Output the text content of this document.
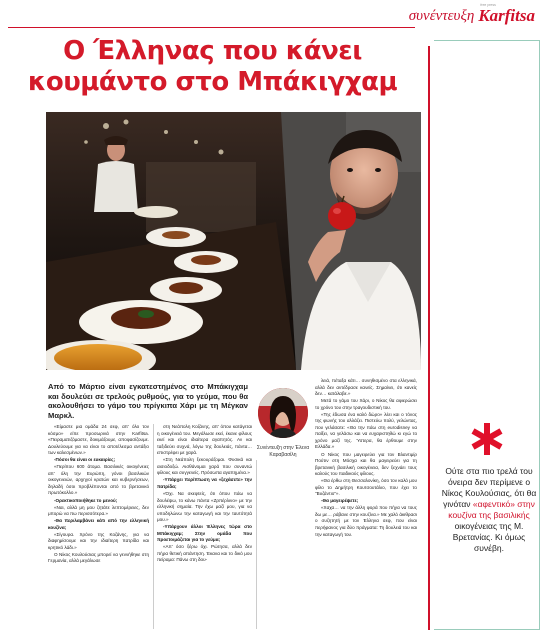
συνέντευξη
free press
Karfitsa
Ο Έλληνας που κάνει
κουμάντο στο Μπάκιγχαμ

Από το Μάρτιο είναι εγκατεστημένος στο Μπάκιγχαμ και δουλεύει σε τρελούς ρυθμούς, για το γεύμα, που θα ακολουθήσει το γάμο του πρίγκιπα Χάρι με τη Μέγκαν Μαρκλ.

Συνέντευξη στην Έλενα Καραβασίλη

«Είμαστε μια ομάδα 24 σεφ, απ' όλο τον κόσμο» είπε προσωρινά στην Karfitsa. «Πειραματιζόμαστε, δοκιμάζουμε, αποφασίζουμε. Δουλεύουμε για να είναι το αποτέλεσμα αντάξιο των καλεσμένων.»

-Πόσοι θα είναι οι ευκαιρίες;

«Περίπου 600 άτομα. Βασιλικές οικογένειες απ' όλη την Ευρώπη, γόνοι βασιλικών οικογενειών, αρχηγοί κρατών και κυβερνήσεων, δηλαδή όσοι προβλέπονται από το βρετανικό πρωτόκολλο.»

-Ορεκτικοποιήθηκε το μενού;

«Ναι, αλλά μη μου ζητάτε λεπτομέρειες, δεν μπορώ να πω περισσότερα.»

-Θα περιλαμβάνει κάτι από την ελληνική κουζίνα;

«Σίγουρα. Χρόνο της Κοζάνης, για να διαφημίσουμε και την ιδιαίτερη πατρίδα και κρητικό λάδι.»

Ο Νίκος Κουλούσιας μπορεί να γεννήθηκε στη Γερμανία, αλλά μεγάλωσε

στη Νεάπολη Κοζάνης, απ' όπου κατάγεται η οικογένειά του. Μεγάλωσε εκεί, έκανε φίλους εκεί και είναι ιδιαίτερα αγαπητός. Αν και ταξιδεύει συχνά, λόγω της δουλειάς, πάντα… επιστρέφει με χαρά.

«Στη Νεάπολη ξεκουράζομαι. Φυσικά και αισιοδοξώ. Αισθάνομαι χαρά που συναντώ φίλους και συγγενείς. Πρόσωπα αγαπημένα.»

-Υπάρχει περίπτωση να «ξεχάσετε» την πατρίδα;

«Όχι. Να σκεφτείς, ότι όπου πάω να δουλέψω, το κάνω πάντα «Ζρπέρλινο» με την ελληνική σημαία. Την έχω μαζί μου, για να υποδηλώνω την καταγωγή και την ταυτότητά μου.»

-Υπάρχουν άλλοι Έλληνες τώρα στο Μπάκιγχαμ; Στην ομάδα που προετοιμάζεται για το γεύμα;

«Απ' όσο ξέρω όχι. Ρώτησα, αλλά δεν πήρα θετική απάντηση. Έκανα και το δικό μου πείραμα: Πάνω στη δου-

λειά, πέταξα κάτι… συνηθισμένο στα ελληνικά, αλλά δεν αντέδρασε κανείς. Σημαίνει, ότι κανείς δεν… κατάλαβε.»

Μετά το γάμο του Χάρι, ο Νίκος θα αφιερώσει το χρόνο του στην τραγουδιστική του.

«Της έδωσα ένα καλό δώρο» λέει και ο τόνος της φωνής του αλλάζει. Πιστεύω πολύ, γελώντας, που γελάσατε: «Θα την πάω στη eurodisney να παίξει, να γελάσω και να ευχαριστηθώ κι εγώ το χρόνο μαζί της. Ύστερα, θα έρθουμε στην Ελλάδα.»

Ο Νίκος που μαγειρεύει για τον Βλαντιμίρ Πούτιν στη Μόσχα και θα μαγειρεύει για τη βρετανική βασιλική οικογένεια, δεν ξεχνάει τους καλούς του παιδικούς φίλους.

«Θα έρθω στη Θεσσαλονίκη, όσο τον καλό μου φίλο το Δημήτρη Κουτσουτάλιο, που έχει το "Βυζάντιο"».

-Θα μαγειρέψετε;

«Χαχα… να την άλλη φορά που πήγα να τους δω με… ράβανε στην κουζίνα.» Με χαλό άκιθρασι ο συζητητή με τον Έλληνα σεφ, που είναι περήφανος για δύο πράγματα: Τη δουλειά του και την καταγωγή του.

Ούτε στα πιο τρελά του όνειρα δεν περίμενε ο Νίκος Κουλούσιας, ότι θα γινόταν «αφεντικό» στην κουζίνα της βασιλικής οικογένειας της Μ. Βρετανίας. Κι όμως συνέβη.
